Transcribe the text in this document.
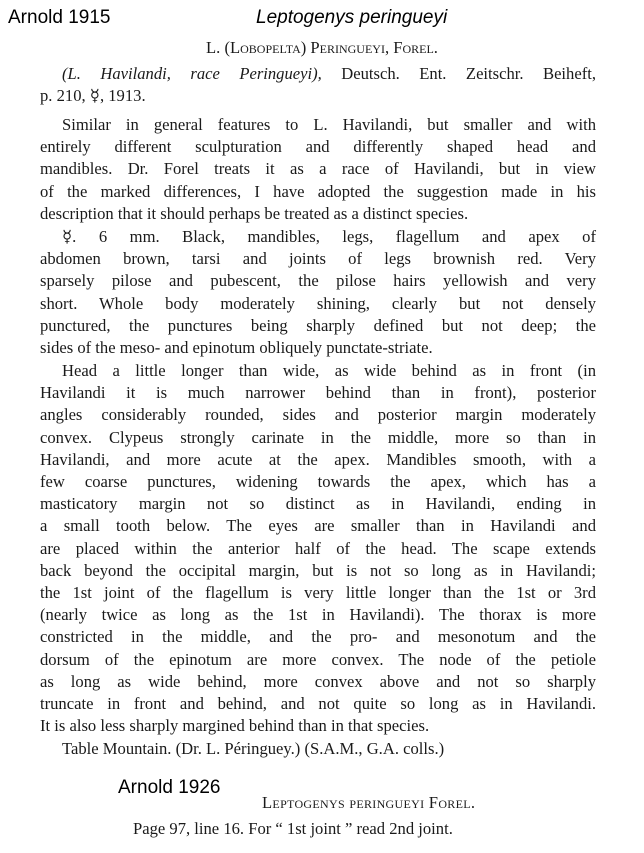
Arnold 1915	Leptogenys peringueyi
L. (Lobopelta) Peringueyi, Forel.

(L. Havilandi, race Peringueyi), Deutsch. Ent. Zeitschr. Beiheft,

p. 210, ☿, 1913.

Similar in general features to L. Havilandi, but smaller and with

entirely different sculpturation and differently shaped head and

mandibles. Dr. Forel treats it as a race of Havilandi, but in view

of the marked differences, I have adopted the suggestion made in his

description that it should perhaps be treated as a distinct species.

☿. 6 mm. Black, mandibles, legs, flagellum and apex of

abdomen brown, tarsi and joints of legs brownish red. Very

sparsely pilose and pubescent, the pilose hairs yellowish and very

short. Whole body moderately shining, clearly but not densely

punctured, the punctures being sharply defined but not deep; the

sides of the meso- and epinotum obliquely punctate-striate.

Head a little longer than wide, as wide behind as in front (in

Havilandi it is much narrower behind than in front), posterior

angles considerably rounded, sides and posterior margin moderately

convex. Clypeus strongly carinate in the middle, more so than in

Havilandi, and more acute at the apex. Mandibles smooth, with a

few coarse punctures, widening towards the apex, which has a

masticatory margin not so distinct as in Havilandi, ending in

a small tooth below. The eyes are smaller than in Havilandi and

are placed within the anterior half of the head. The scape extends

back beyond the occipital margin, but is not so long as in Havilandi;

the 1st joint of the flagellum is very little longer than the 1st or 3rd

(nearly twice as long as the 1st in Havilandi). The thorax is more

constricted in the middle, and the pro- and mesonotum and the

dorsum of the epinotum are more convex. The node of the petiole

as long as wide behind, more convex above and not so sharply

truncate in front and behind, and not quite so long as in Havilandi.

It is also less sharply margined behind than in that species.

Table Mountain. (Dr. L. Péringuey.) (S.A.M., G.A. colls.)

Arnold 1926
Leptogenys peringueyi Forel.
Page 97, line 16. For “ 1st joint ” read 2nd joint.
